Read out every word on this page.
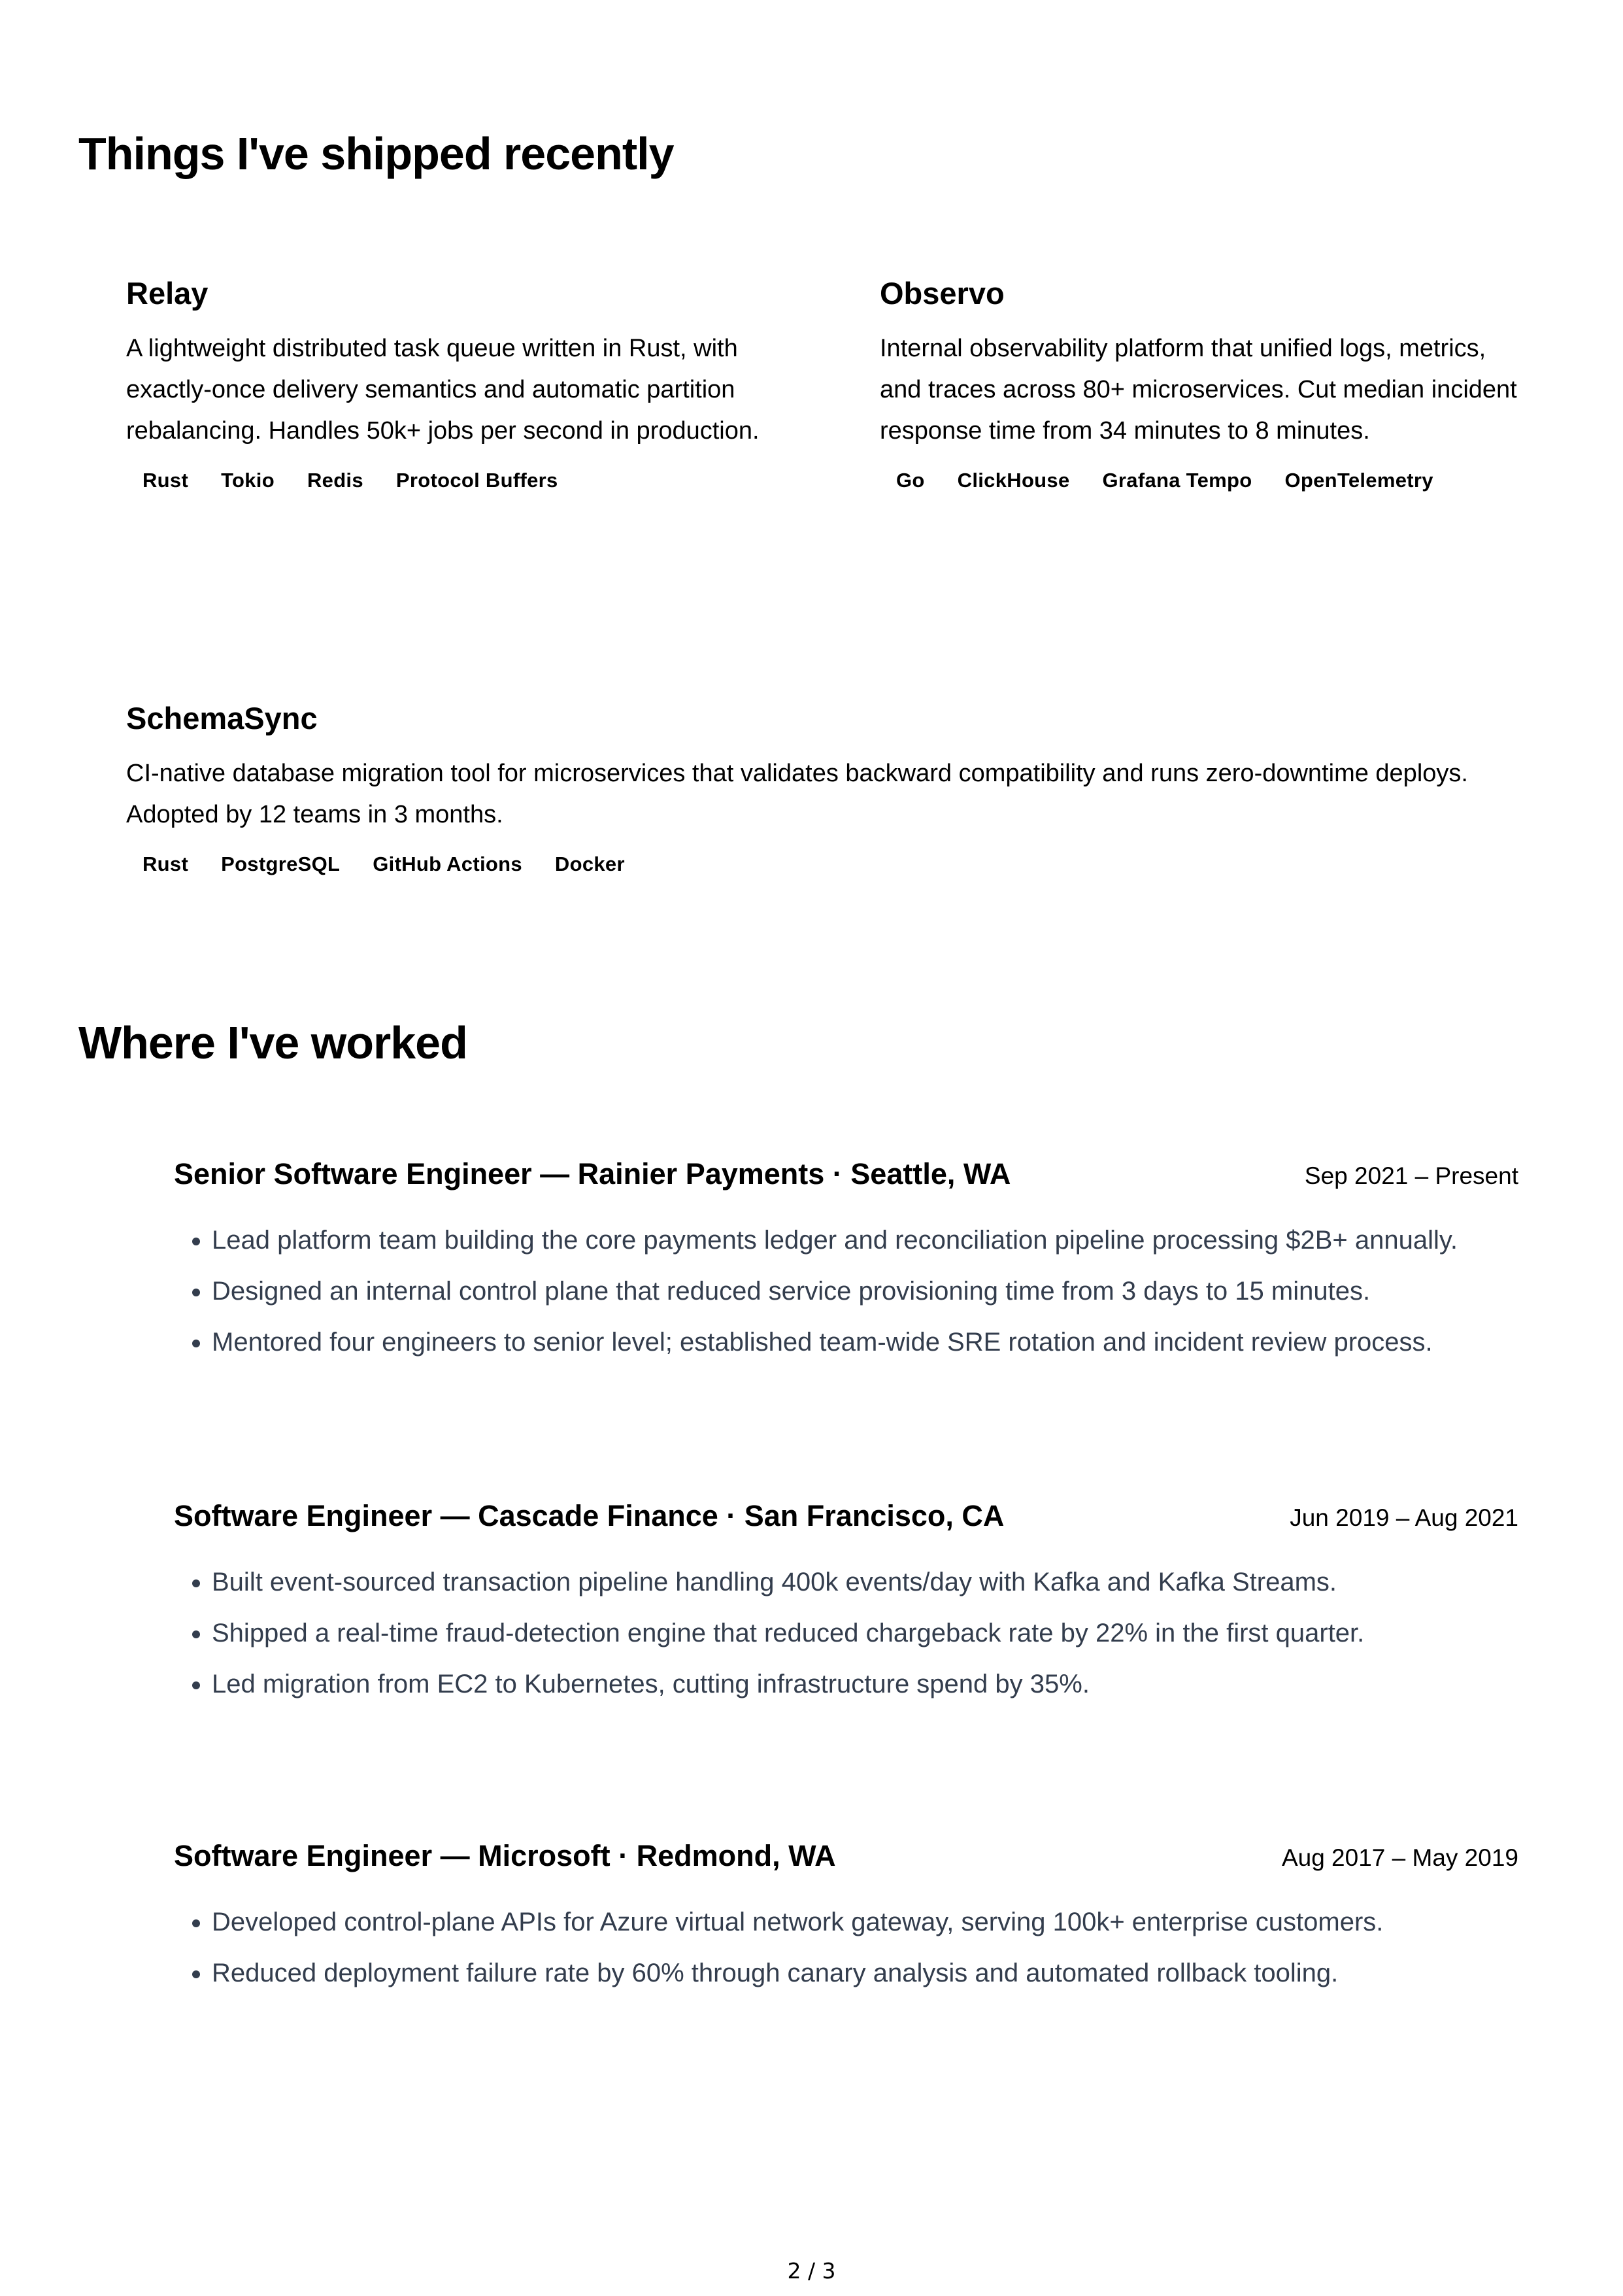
Things I've shipped recently
Relay

A lightweight distributed task queue written in Rust, with exactly-once delivery semantics and automatic partition rebalancing. Handles 50k+ jobs per second in production.

Rust	Tokio	Redis	Protocol Buffers
Observo

Internal observability platform that unified logs, metrics, and traces across 80+ microservices. Cut median incident response time from 34 minutes to 8 minutes.

Go	ClickHouse	Grafana Tempo	OpenTelemetry
SchemaSync

CI-native database migration tool for microservices that validates backward compatibility and runs zero-downtime deploys. Adopted by 12 teams in 3 months.

Rust	PostgreSQL	GitHub Actions	Docker
Where I've worked
Senior Software Engineer — Rainier Payments · Seattle, WA	Sep 2021 – Present
• Lead platform team building the core payments ledger and reconciliation pipeline processing $2B+ annually.
• Designed an internal control plane that reduced service provisioning time from 3 days to 15 minutes.
• Mentored four engineers to senior level; established team-wide SRE rotation and incident review process.
Software Engineer — Cascade Finance · San Francisco, CA	Jun 2019 – Aug 2021
• Built event-sourced transaction pipeline handling 400k events/day with Kafka and Kafka Streams.
• Shipped a real-time fraud-detection engine that reduced chargeback rate by 22% in the first quarter.
• Led migration from EC2 to Kubernetes, cutting infrastructure spend by 35%.
Software Engineer — Microsoft · Redmond, WA	Aug 2017 – May 2019
• Developed control-plane APIs for Azure virtual network gateway, serving 100k+ enterprise customers.
• Reduced deployment failure rate by 60% through canary analysis and automated rollback tooling.
2 / 3
